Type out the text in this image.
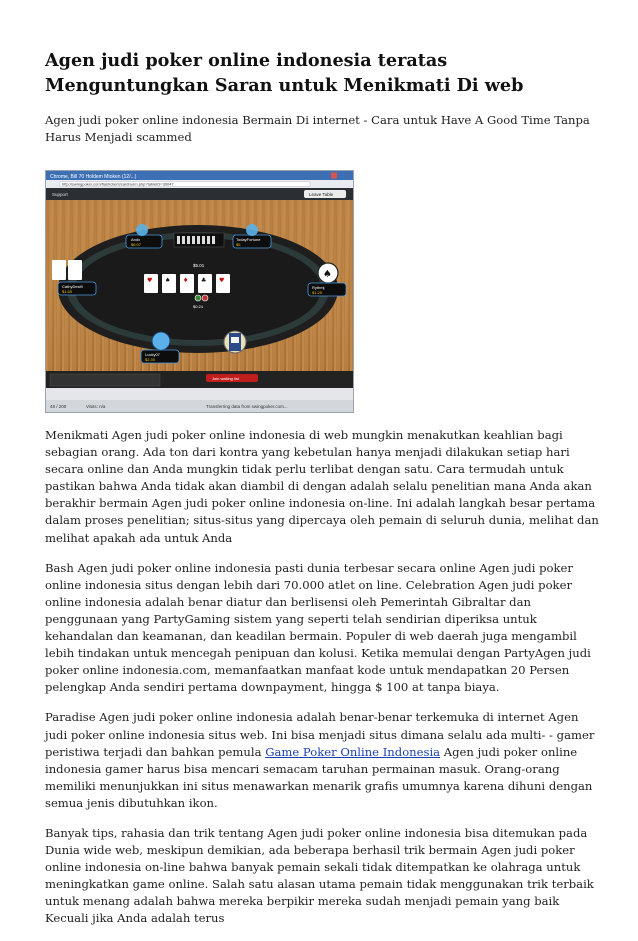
Agen judi poker online indonesia teratas Menguntungkan Saran untuk Menikmati Di web
Agen judi poker online indonesia Bermain Di internet - Cara untuk Have A Good Time Tanpa Harus Menjadi scammed
Chrome, Bill 70 Holdem Mtoken (12/...)
http://swingpoker.com/flashclient/cardroom.php?tableID=30047
Support	Leave Table
$5.01
♥ ♠ ♦ ♣ ♥
$0.24
Andx
$6.07
TodayFortune
$5
CathyDesi9
$1.65
♠
Rythmj
$1.25
Lucky07
$2.30
Join waiting list
48 / 200	Visits: n/a	Transferring data from swingpoker.com...

Menikmati Agen judi poker online indonesia di web mungkin menakutkan keahlian bagi sebagian orang. Ada ton dari kontra yang kebetulan hanya menjadi dilakukan setiap hari secara online dan Anda mungkin tidak perlu terlibat dengan satu. Cara termudah untuk pastikan bahwa Anda tidak akan diambil di dengan adalah selalu penelitian mana Anda akan berakhir bermain Agen judi poker online indonesia on-line. Ini adalah langkah besar pertama dalam proses penelitian; situs-situs yang dipercaya oleh pemain di seluruh dunia, melihat dan melihat apakah ada untuk Anda

Bash Agen judi poker online indonesia pasti dunia terbesar secara online Agen judi poker online indonesia situs dengan lebih dari 70.000 atlet on line. Celebration Agen judi poker online indonesia adalah benar diatur dan berlisensi oleh Pemerintah Gibraltar dan penggunaan yang PartyGaming sistem yang seperti telah sendirian diperiksa untuk kehandalan dan keamanan, dan keadilan bermain. Populer di web daerah juga mengambil lebih tindakan untuk mencegah penipuan dan kolusi. Ketika memulai dengan PartyAgen judi poker online indonesia.com, memanfaatkan manfaat kode untuk mendapatkan 20 Persen pelengkap Anda sendiri pertama downpayment, hingga $ 100 at tanpa biaya.

Paradise Agen judi poker online indonesia adalah benar-benar terkemuka di internet Agen judi poker online indonesia situs web. Ini bisa menjadi situs dimana selalu ada multi- - gamer peristiwa terjadi dan bahkan pemula Game Poker Online Indonesia Agen judi poker online indonesia gamer harus bisa mencari semacam taruhan permainan masuk. Orang-orang memiliki menunjukkan ini situs menawarkan menarik grafis umumnya karena dihuni dengan semua jenis dibutuhkan ikon.

Banyak tips, rahasia dan trik tentang Agen judi poker online indonesia bisa ditemukan pada Dunia wide web, meskipun demikian, ada beberapa berhasil trik bermain Agen judi poker online indonesia on-line bahwa banyak pemain sekali tidak ditempatkan ke olahraga untuk meningkatkan game online. Salah satu alasan utama pemain tidak menggunakan trik terbaik untuk menang adalah bahwa mereka berpikir mereka sudah menjadi pemain yang baik Kecuali jika Anda adalah terus
